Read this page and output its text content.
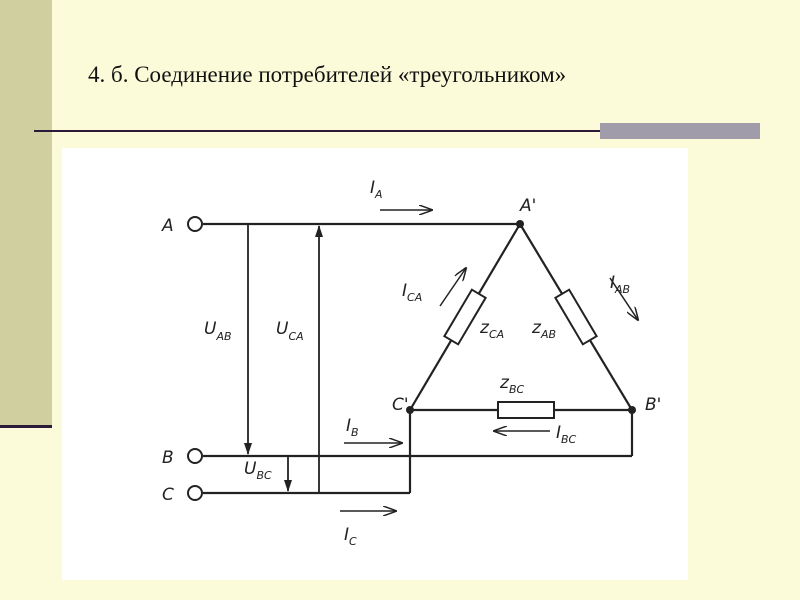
4. б. Соединение потребителей «треугольником»
A
B
C
A'
C'	B'
$z_{CA}$ $z_{AB}$
$z_{BC}$
$U_{AB}$	$U_{CA}$
$U_{BC}$
$I_A$
$I_B$
$I_C$
$I_{CA}$
$I_{AB}$
$I_{BC}$
